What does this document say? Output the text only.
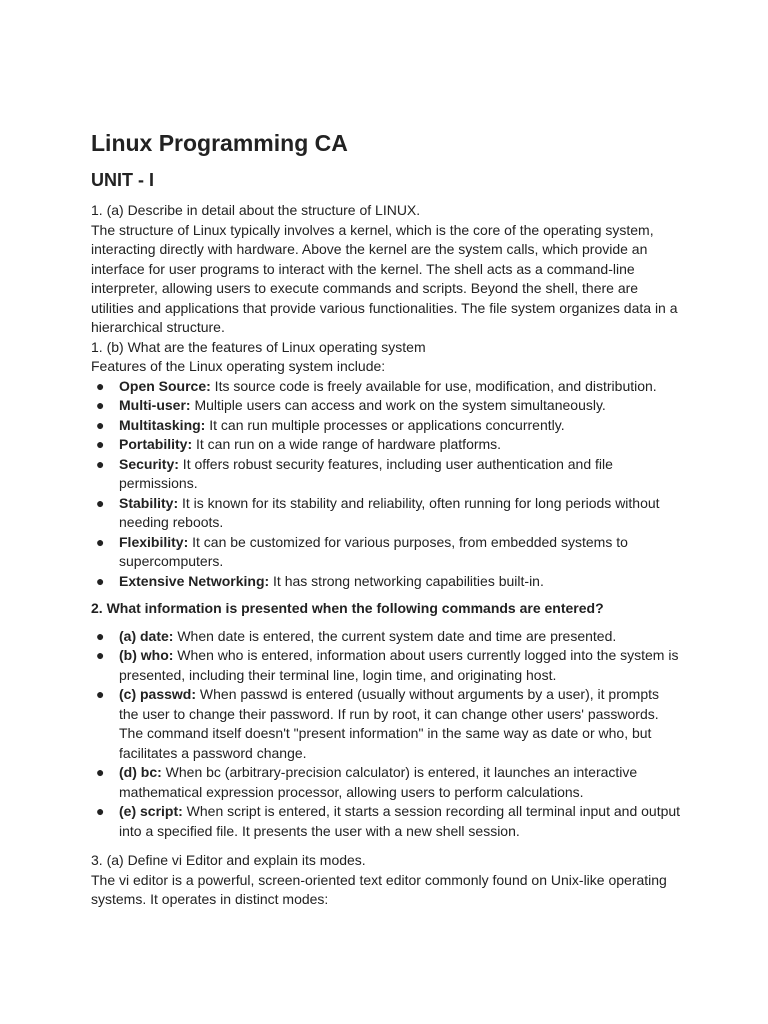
Linux Programming CA
UNIT - I

1. (a) Describe in detail about the structure of LINUX.

The structure of Linux typically involves a kernel, which is the core of the operating system, interacting directly with hardware. Above the kernel are the system calls, which provide an interface for user programs to interact with the kernel. The shell acts as a command-line interpreter, allowing users to execute commands and scripts. Beyond the shell, there are utilities and applications that provide various functionalities. The file system organizes data in a hierarchical structure.

1. (b) What are the features of Linux operating system

Features of the Linux operating system include:

● Open Source: Its source code is freely available for use, modification, and distribution.
● Multi-user: Multiple users can access and work on the system simultaneously.
● Multitasking: It can run multiple processes or applications concurrently.
● Portability: It can run on a wide range of hardware platforms.
● Security: It offers robust security features, including user authentication and file permissions.
● Stability: It is known for its stability and reliability, often running for long periods without needing reboots.
● Flexibility: It can be customized for various purposes, from embedded systems to supercomputers.
● Extensive Networking: It has strong networking capabilities built-in.

2. What information is presented when the following commands are entered?

● (a) date: When date is entered, the current system date and time are presented.
● (b) who: When who is entered, information about users currently logged into the system is presented, including their terminal line, login time, and originating host.
● (c) passwd: When passwd is entered (usually without arguments by a user), it prompts the user to change their password. If run by root, it can change other users' passwords. The command itself doesn't "present information" in the same way as date or who, but facilitates a password change.
● (d) bc: When bc (arbitrary-precision calculator) is entered, it launches an interactive mathematical expression processor, allowing users to perform calculations.
● (e) script: When script is entered, it starts a session recording all terminal input and output into a specified file. It presents the user with a new shell session.

3. (a) Define vi Editor and explain its modes.

The vi editor is a powerful, screen-oriented text editor commonly found on Unix-like operating systems. It operates in distinct modes:
